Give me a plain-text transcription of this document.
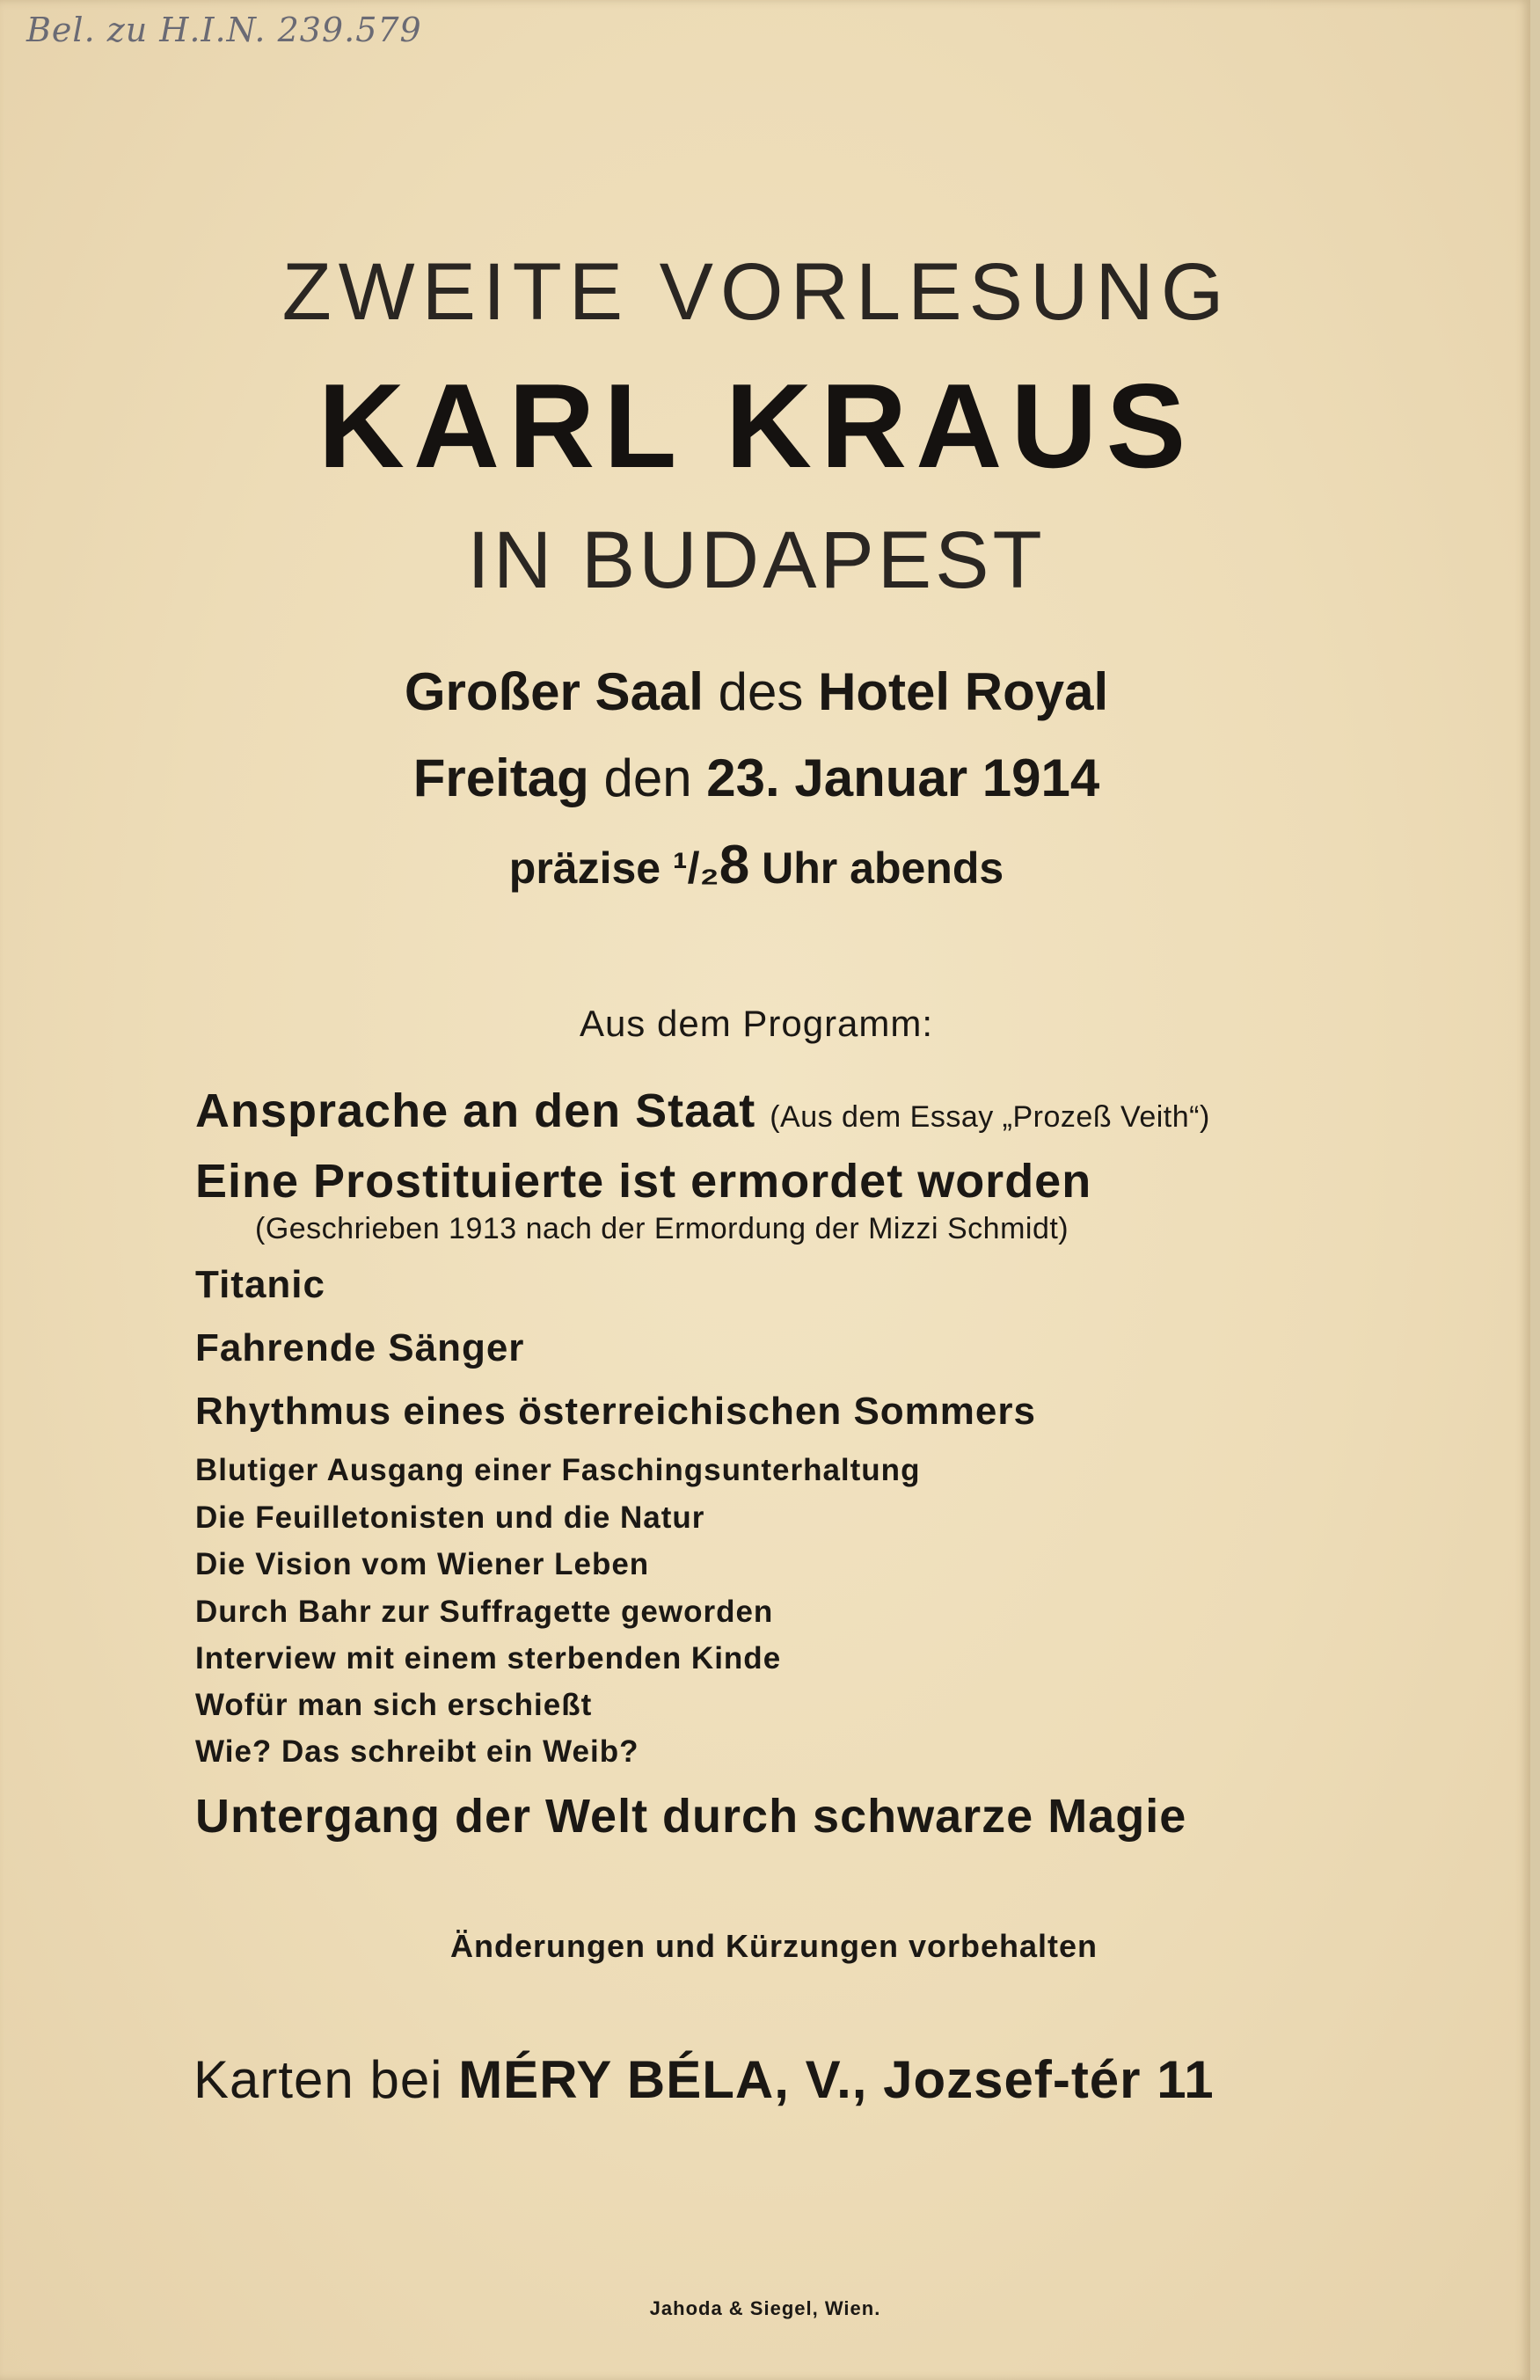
Bel. zu H.I.N. 239.579
ZWEITE VORLESUNG
KARL KRAUS
IN BUDAPEST
Großer Saal des Hotel Royal
Freitag den 23. Januar 1914
präzise ¹/₂8 Uhr abends
Aus dem Programm:
Ansprache an den Staat (Aus dem Essay „Prozeß Veith“)
Eine Prostituierte ist ermordet worden
(Geschrieben 1913 nach der Ermordung der Mizzi Schmidt)
Titanic
Fahrende Sänger
Rhythmus eines österreichischen Sommers
Blutiger Ausgang einer Faschingsunterhaltung
Die Feuilletonisten und die Natur
Die Vision vom Wiener Leben
Durch Bahr zur Suffragette geworden
Interview mit einem sterbenden Kinde
Wofür man sich erschießt
Wie? Das schreibt ein Weib?
Untergang der Welt durch schwarze Magie
Änderungen und Kürzungen vorbehalten
Karten bei MÉRY BÉLA, V., Jozsef-tér 11
Jahoda & Siegel, Wien.
